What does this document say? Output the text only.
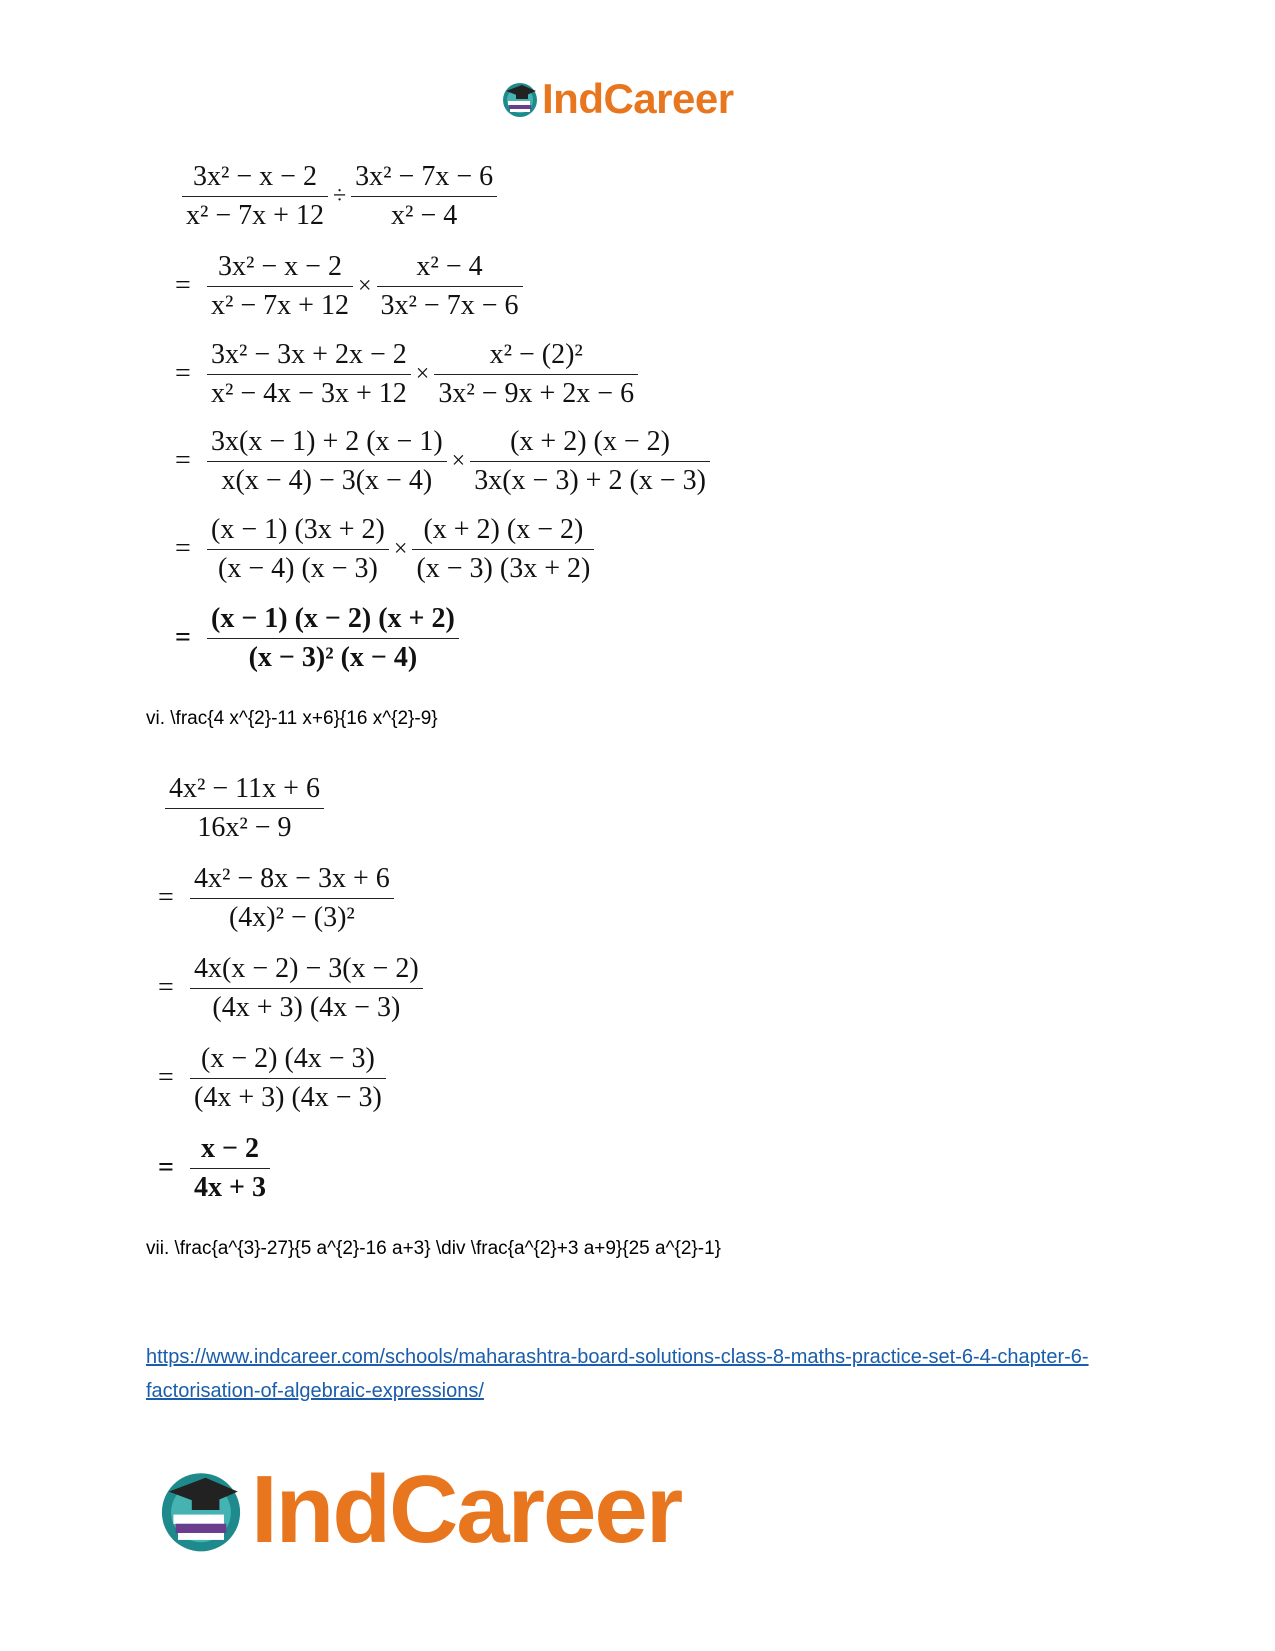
IndCareer
$\frac{\text{3x² − x − 2}}{\text{x² − 7x + 12}} \div \frac{\text{3x² − 7x − 6}}{\text{x² − 4}}$
= $\frac{\text{3x² − x − 2}}{\text{x² − 7x + 12}} \times \frac{\text{x² − 4}}{\text{3x² − 7x − 6}}$
= $\frac{\text{3x² − 3x + 2x − 2}}{\text{x² − 4x − 3x + 12}} \times \frac{\text{x² − (2)²}}{\text{3x² − 9x + 2x − 6}}$
= $\frac{3x(x - 1) + 2 (x - 1)}{x(x - 4) - 3(x - 4)} \times \frac{(x + 2) (x - 2)}{3x(x - 3) + 2 (x - 3)}$
= $\frac{(x - 1) (3x + 2)}{(x - 4) (x - 3)} \times \frac{(x + 2) (x - 2)}{(x - 3) (3x + 2)}$
= $\frac{(x - 1) (x - 2) (x + 2)}{\text{(x − 3)² (x − 4)}}$
vi. \frac{4 x^{2}-11 x+6}{16 x^{2}-9}
$\frac{\text{4x² − 11x + 6}}{\text{16x² − 9}}$
= $\frac{\text{4x² − 8x − 3x + 6}}{\text{(4x)² − (3)²}}$
= $\frac{4x(x - 2) - 3(x - 2)}{(4x + 3) (4x - 3)}$
= $\frac{(x - 2) (4x - 3)}{(4x + 3) (4x - 3)}$
= $\frac{x - 2}{4x + 3}$
vii. \frac{a^{3}-27}{5 a^{2}-16 a+3} \div \frac{a^{2}+3 a+9}{25 a^{2}-1}
https://www.indcareer.com/schools/maharashtra-board-solutions-class-8-maths-practice-set-6-4-chapter-6-factorisation-of-algebraic-expressions/
IndCareer
